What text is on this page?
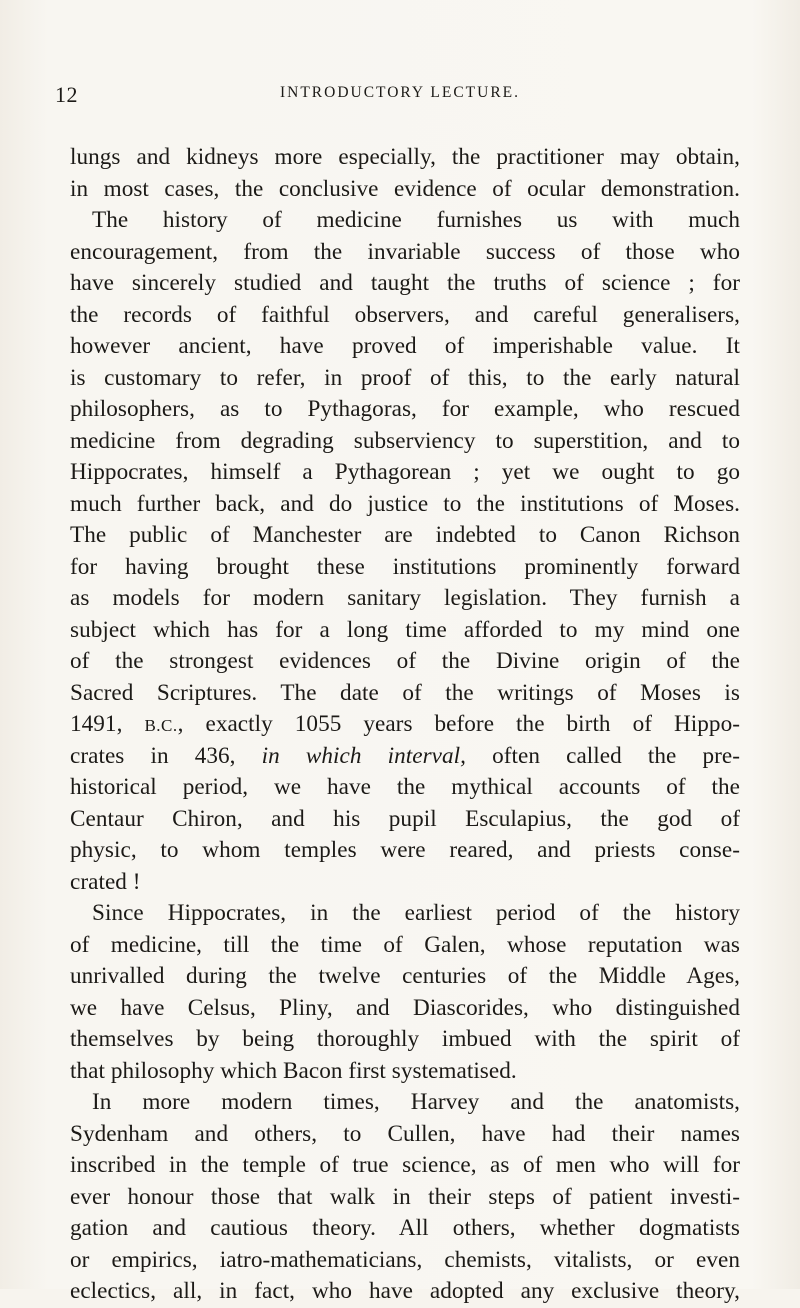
12	INTRODUCTORY LECTURE.
lungs and kidneys more especially, the practitioner may obtain,
in most cases, the conclusive evidence of ocular demonstration.
The history of medicine furnishes us with much
encouragement, from the invariable success of those who
have sincerely studied and taught the truths of science ; for
the records of faithful observers, and careful generalisers,
however ancient, have proved of imperishable value. It
is customary to refer, in proof of this, to the early natural
philosophers, as to Pythagoras, for example, who rescued
medicine from degrading subserviency to superstition, and to
Hippocrates, himself a Pythagorean ; yet we ought to go
much further back, and do justice to the institutions of Moses.
The public of Manchester are indebted to Canon Richson
for having brought these institutions prominently forward
as models for modern sanitary legislation. They furnish a
subject which has for a long time afforded to my mind one
of the strongest evidences of the Divine origin of the
Sacred Scriptures. The date of the writings of Moses is
1491, B.C., exactly 1055 years before the birth of Hippo-
crates in 436, in which interval, often called the pre-
historical period, we have the mythical accounts of the
Centaur Chiron, and his pupil Esculapius, the god of
physic, to whom temples were reared, and priests conse-
crated !
Since Hippocrates, in the earliest period of the history
of medicine, till the time of Galen, whose reputation was
unrivalled during the twelve centuries of the Middle Ages,
we have Celsus, Pliny, and Diascorides, who distinguished
themselves by being thoroughly imbued with the spirit of
that philosophy which Bacon first systematised.
In more modern times, Harvey and the anatomists,
Sydenham and others, to Cullen, have had their names
inscribed in the temple of true science, as of men who will for
ever honour those that walk in their steps of patient investi-
gation and cautious theory. All others, whether dogmatists
or empirics, iatro-mathematicians, chemists, vitalists, or even
eclectics, all, in fact, who have adopted any exclusive theory,
